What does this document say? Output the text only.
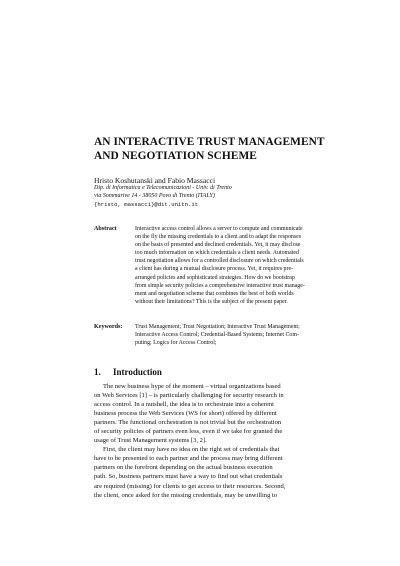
AN INTERACTIVE TRUST MANAGEMENT
AND NEGOTIATION SCHEME
Hristo Koshutanski and Fabio Massacci
Dip. di Informatica e Telecomunicazioni - Univ. di Trento
via Sommarive 14 - 38050 Povo di Trento (ITALY)
{hristo, massacci}@dit.unitn.it
Abstract	Interactive access control allows a server to compute and communicate
on the fly the missing credentials to a client and to adapt the responses
on the basis of presented and declined credentials. Yet, it may disclose
too much information on which credentials a client needs. Automated
trust negotiation allows for a controlled disclosure on which credentials
a client has during a mutual disclosure process. Yet, it requires pre-
arranged policies and sophisticated strategies. How do we bootstrap
from simple security policies a comprehensive interactive trust manage-
ment and negotiation scheme that combines the best of both worlds
without their limitations? This is the subject of the present paper.
Keywords: Trust Management; Trust Negotiation; Interactive Trust Management;
Interactive Access Control; Credential-Based Systems; Internet Com-
puting; Logics for Access Control;
1. Introduction
The new business hype of the moment – virtual organizations based
on Web Services [1] – is particularly challenging for security research in
access control. In a nutshell, the idea is to orchestrate into a coherent
business process the Web Services (WS for short) offered by different
partners. The functional orchestration is not trivial but the orchestration
of security policies of partners even less, even if we take for granted the
usage of Trust Management systems [3, 2].
First, the client may have no idea on the right set of credentials that
have to be presented to each partner and the process may bring different
partners on the forefront depending on the actual business execution
path. So, business partners must have a way to find out what credentials
are required (missing) for clients to get access to their resources. Second,
the client, once asked for the missing credentials, may be unwilling to
